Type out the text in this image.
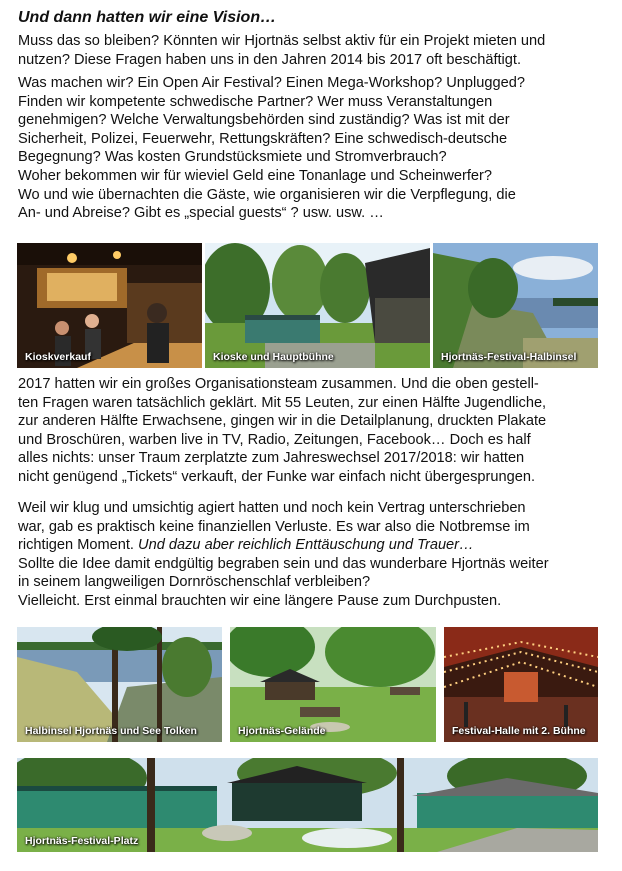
Und dann hatten wir eine Vision…

Muss das so bleiben? Könnten wir Hjortnäs selbst aktiv für ein Projekt mieten und
nutzen? Diese Fragen haben uns in den Jahren 2014 bis 2017 oft beschäftigt.

Was machen wir? Ein Open Air Festival? Einen Mega-Workshop? Unplugged?
Finden wir kompetente schwedische Partner? Wer muss Veranstaltungen
genehmigen? Welche Verwaltungsbehörden sind zuständig? Was ist mit der
Sicherheit, Polizei, Feuerwehr, Rettungskräften? Eine schwedisch-deutsche
Begegnung? Was kosten Grundstücksmiete und Stromverbrauch?
Woher bekommen wir für wieviel Geld eine Tonanlage und Scheinwerfer?
Wo und wie übernachten die Gäste, wie organisieren wir die Verpflegung, die
An- und Abreise? Gibt es „special guests“ ? usw. usw. …

Kioskverkauf	Kioske und Hauptbühne	Hjortnäs-Festival-Halbinsel

2017 hatten wir ein großes Organisationsteam zusammen. Und die oben gestell-
ten Fragen waren tatsächlich geklärt. Mit 55 Leuten, zur einen Hälfte Jugendliche,
zur anderen Hälfte Erwachsene, gingen wir in die Detailplanung, druckten Plakate
und Broschüren, warben live in TV, Radio, Zeitungen, Facebook… Doch es half
alles nichts: unser Traum zerplatzte zum Jahreswechsel 2017/2018: wir hatten
nicht genügend „Tickets“ verkauft, der Funke war einfach nicht übergesprungen.

Weil wir klug und umsichtig agiert hatten und noch kein Vertrag unterschrieben
war, gab es praktisch keine finanziellen Verluste. Es war also die Notbremse im
richtigen Moment. Und dazu aber reichlich Enttäuschung und Trauer…
Sollte die Idee damit endgültig begraben sein und das wunderbare Hjortnäs weiter
in seinem langweiligen Dornröschenschlaf verbleiben?
Vielleicht. Erst einmal brauchten wir eine längere Pause zum Durchpusten.

Halbinsel Hjortnäs und See Tolken	Hjortnäs-Gelände	Festival-Halle mit 2. Bühne
Hjortnäs-Festival-Platz
